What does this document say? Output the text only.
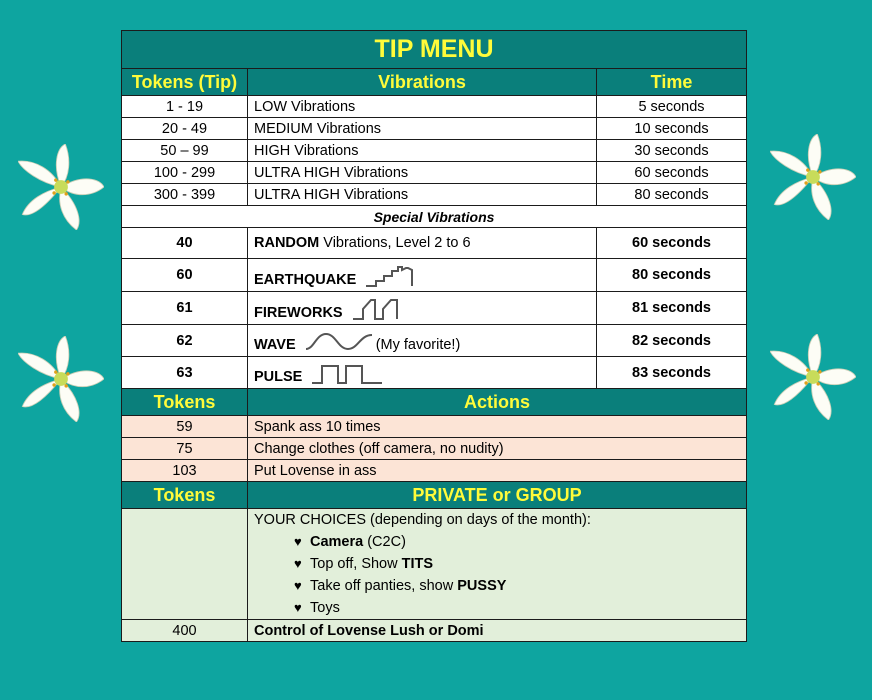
TIP MENU		
Tokens (Tip)	Vibrations	Time
1 - 19	LOW Vibrations	5 seconds
20 - 49	MEDIUM Vibrations	10 seconds
50 – 99	HIGH Vibrations	30 seconds
100 - 299	ULTRA HIGH Vibrations	60 seconds
300 - 399	ULTRA HIGH Vibrations	80 seconds
Special Vibrations		
40	RANDOM Vibrations, Level 2 to 6	60 seconds
60	EARTHQUAKE	80 seconds
61	FIREWORKS	81 seconds
62	WAVE (My favorite!)	82 seconds
63	PULSE	83 seconds
Tokens	Actions	
59	Spank ass 10 times	
75	Change clothes (off camera, no nudity)	
103	Put Lovense in ass	
Tokens	PRIVATE or GROUP	

	YOUR CHOICES (depending on days of the month):
♥ Camera (C2C)
♥ Top off, Show TITS
♥ Take off panties, show PUSSY
♥ Toys	

400	Control of Lovense Lush or Domi	
